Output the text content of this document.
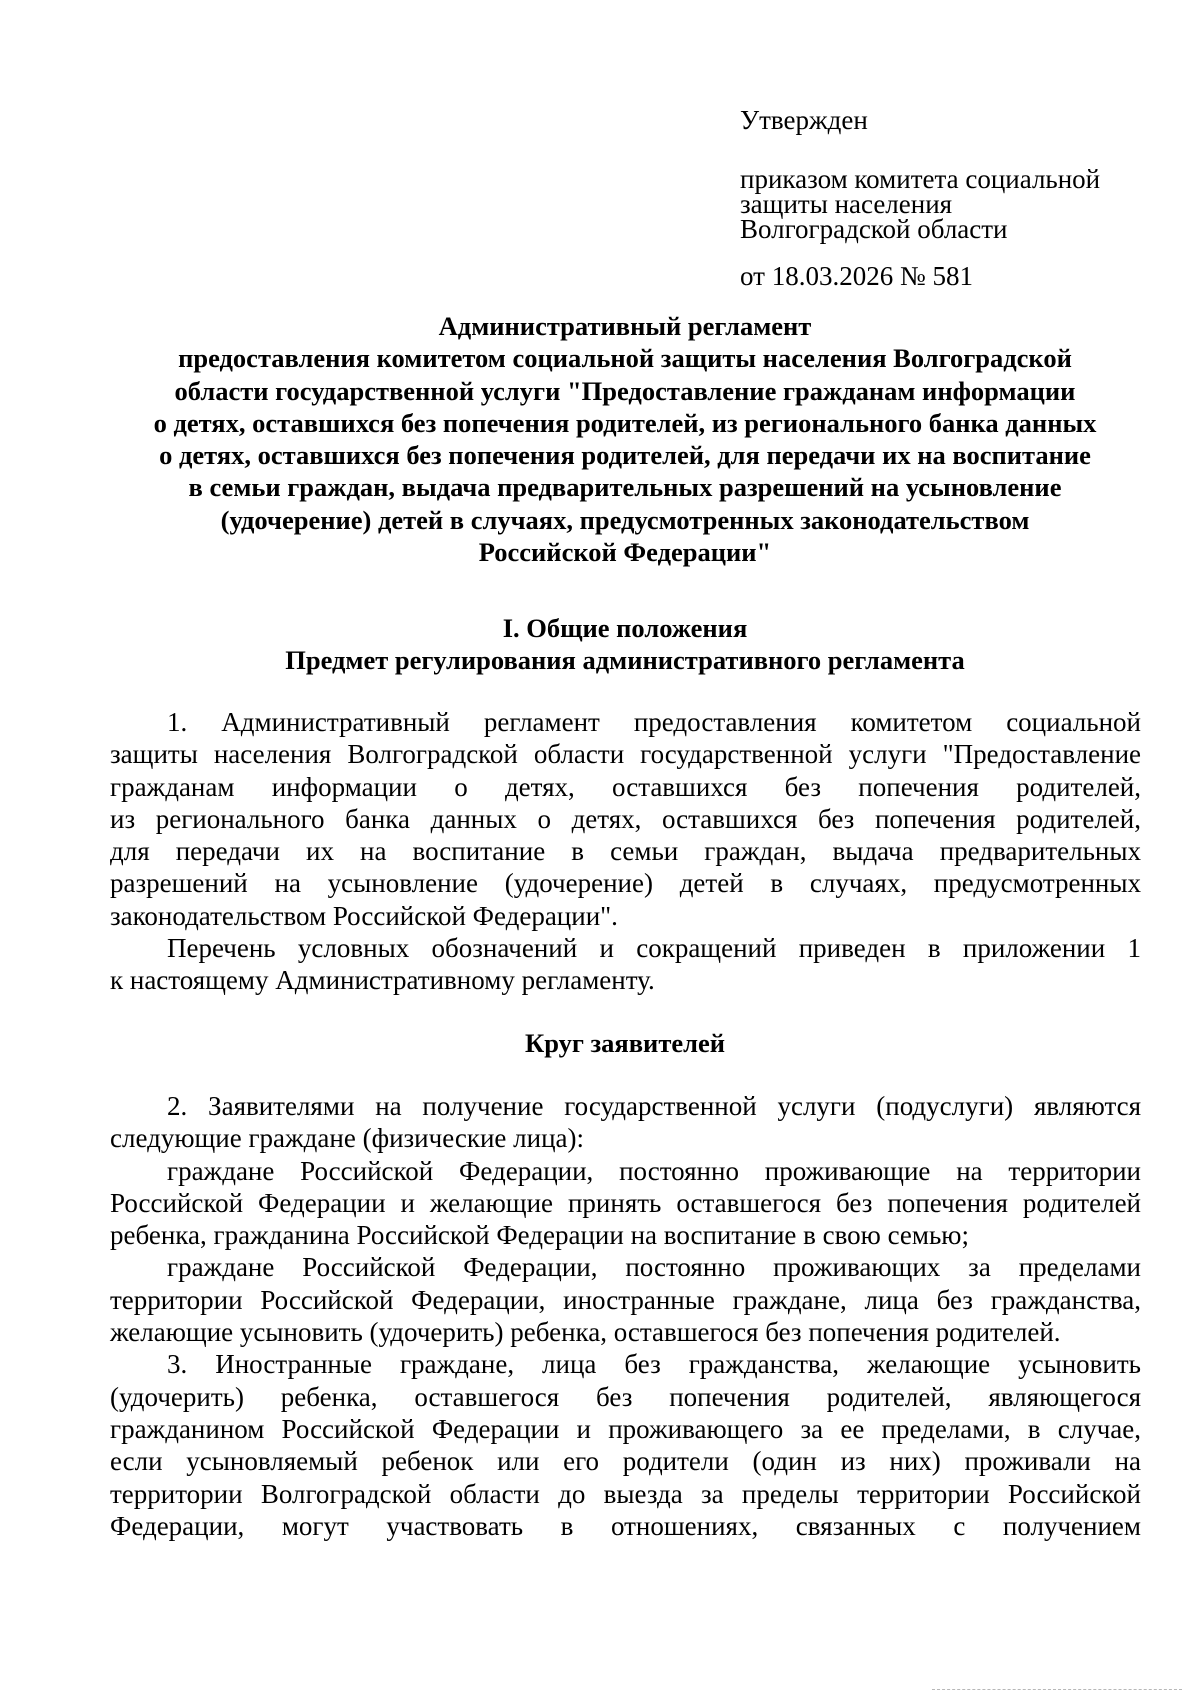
Утвержден
приказом комитета социальной
защиты населения
Волгоградской области
от 18.03.2026 № 581
Административный регламент
предоставления комитетом социальной защиты населения Волгоградской
области государственной услуги "Предоставление гражданам информации
о детях, оставшихся без попечения родителей, из регионального банка данных
о детях, оставшихся без попечения родителей, для передачи их на воспитание
в семьи граждан, выдача предварительных разрешений на усыновление
(удочерение) детей в случаях, предусмотренных законодательством
Российской Федерации"
I. Общие положения
Предмет регулирования административного регламента
1. Административный регламент предоставления комитетом социальной
защиты населения Волгоградской области государственной услуги "Предоставление
гражданам информации о детях, оставшихся без попечения родителей,
из регионального банка данных о детях, оставшихся без попечения родителей,
для передачи их на воспитание в семьи граждан, выдача предварительных
разрешений на усыновление (удочерение) детей в случаях, предусмотренных
законодательством Российской Федерации".
Перечень условных обозначений и сокращений приведен в приложении 1
к настоящему Административному регламенту.
Круг заявителей
2. Заявителями на получение государственной услуги (подуслуги) являются
следующие граждане (физические лица):
граждане Российской Федерации, постоянно проживающие на территории
Российской Федерации и желающие принять оставшегося без попечения родителей
ребенка, гражданина Российской Федерации на воспитание в свою семью;
граждане Российской Федерации, постоянно проживающих за пределами
территории Российской Федерации, иностранные граждане, лица без гражданства,
желающие усыновить (удочерить) ребенка, оставшегося без попечения родителей.
3. Иностранные граждане, лица без гражданства, желающие усыновить
(удочерить) ребенка, оставшегося без попечения родителей, являющегося
гражданином Российской Федерации и проживающего за ее пределами, в случае,
если усыновляемый ребенок или его родители (один из них) проживали на
территории Волгоградской области до выезда за пределы территории Российской
Федерации, могут участвовать в отношениях, связанных с получением
